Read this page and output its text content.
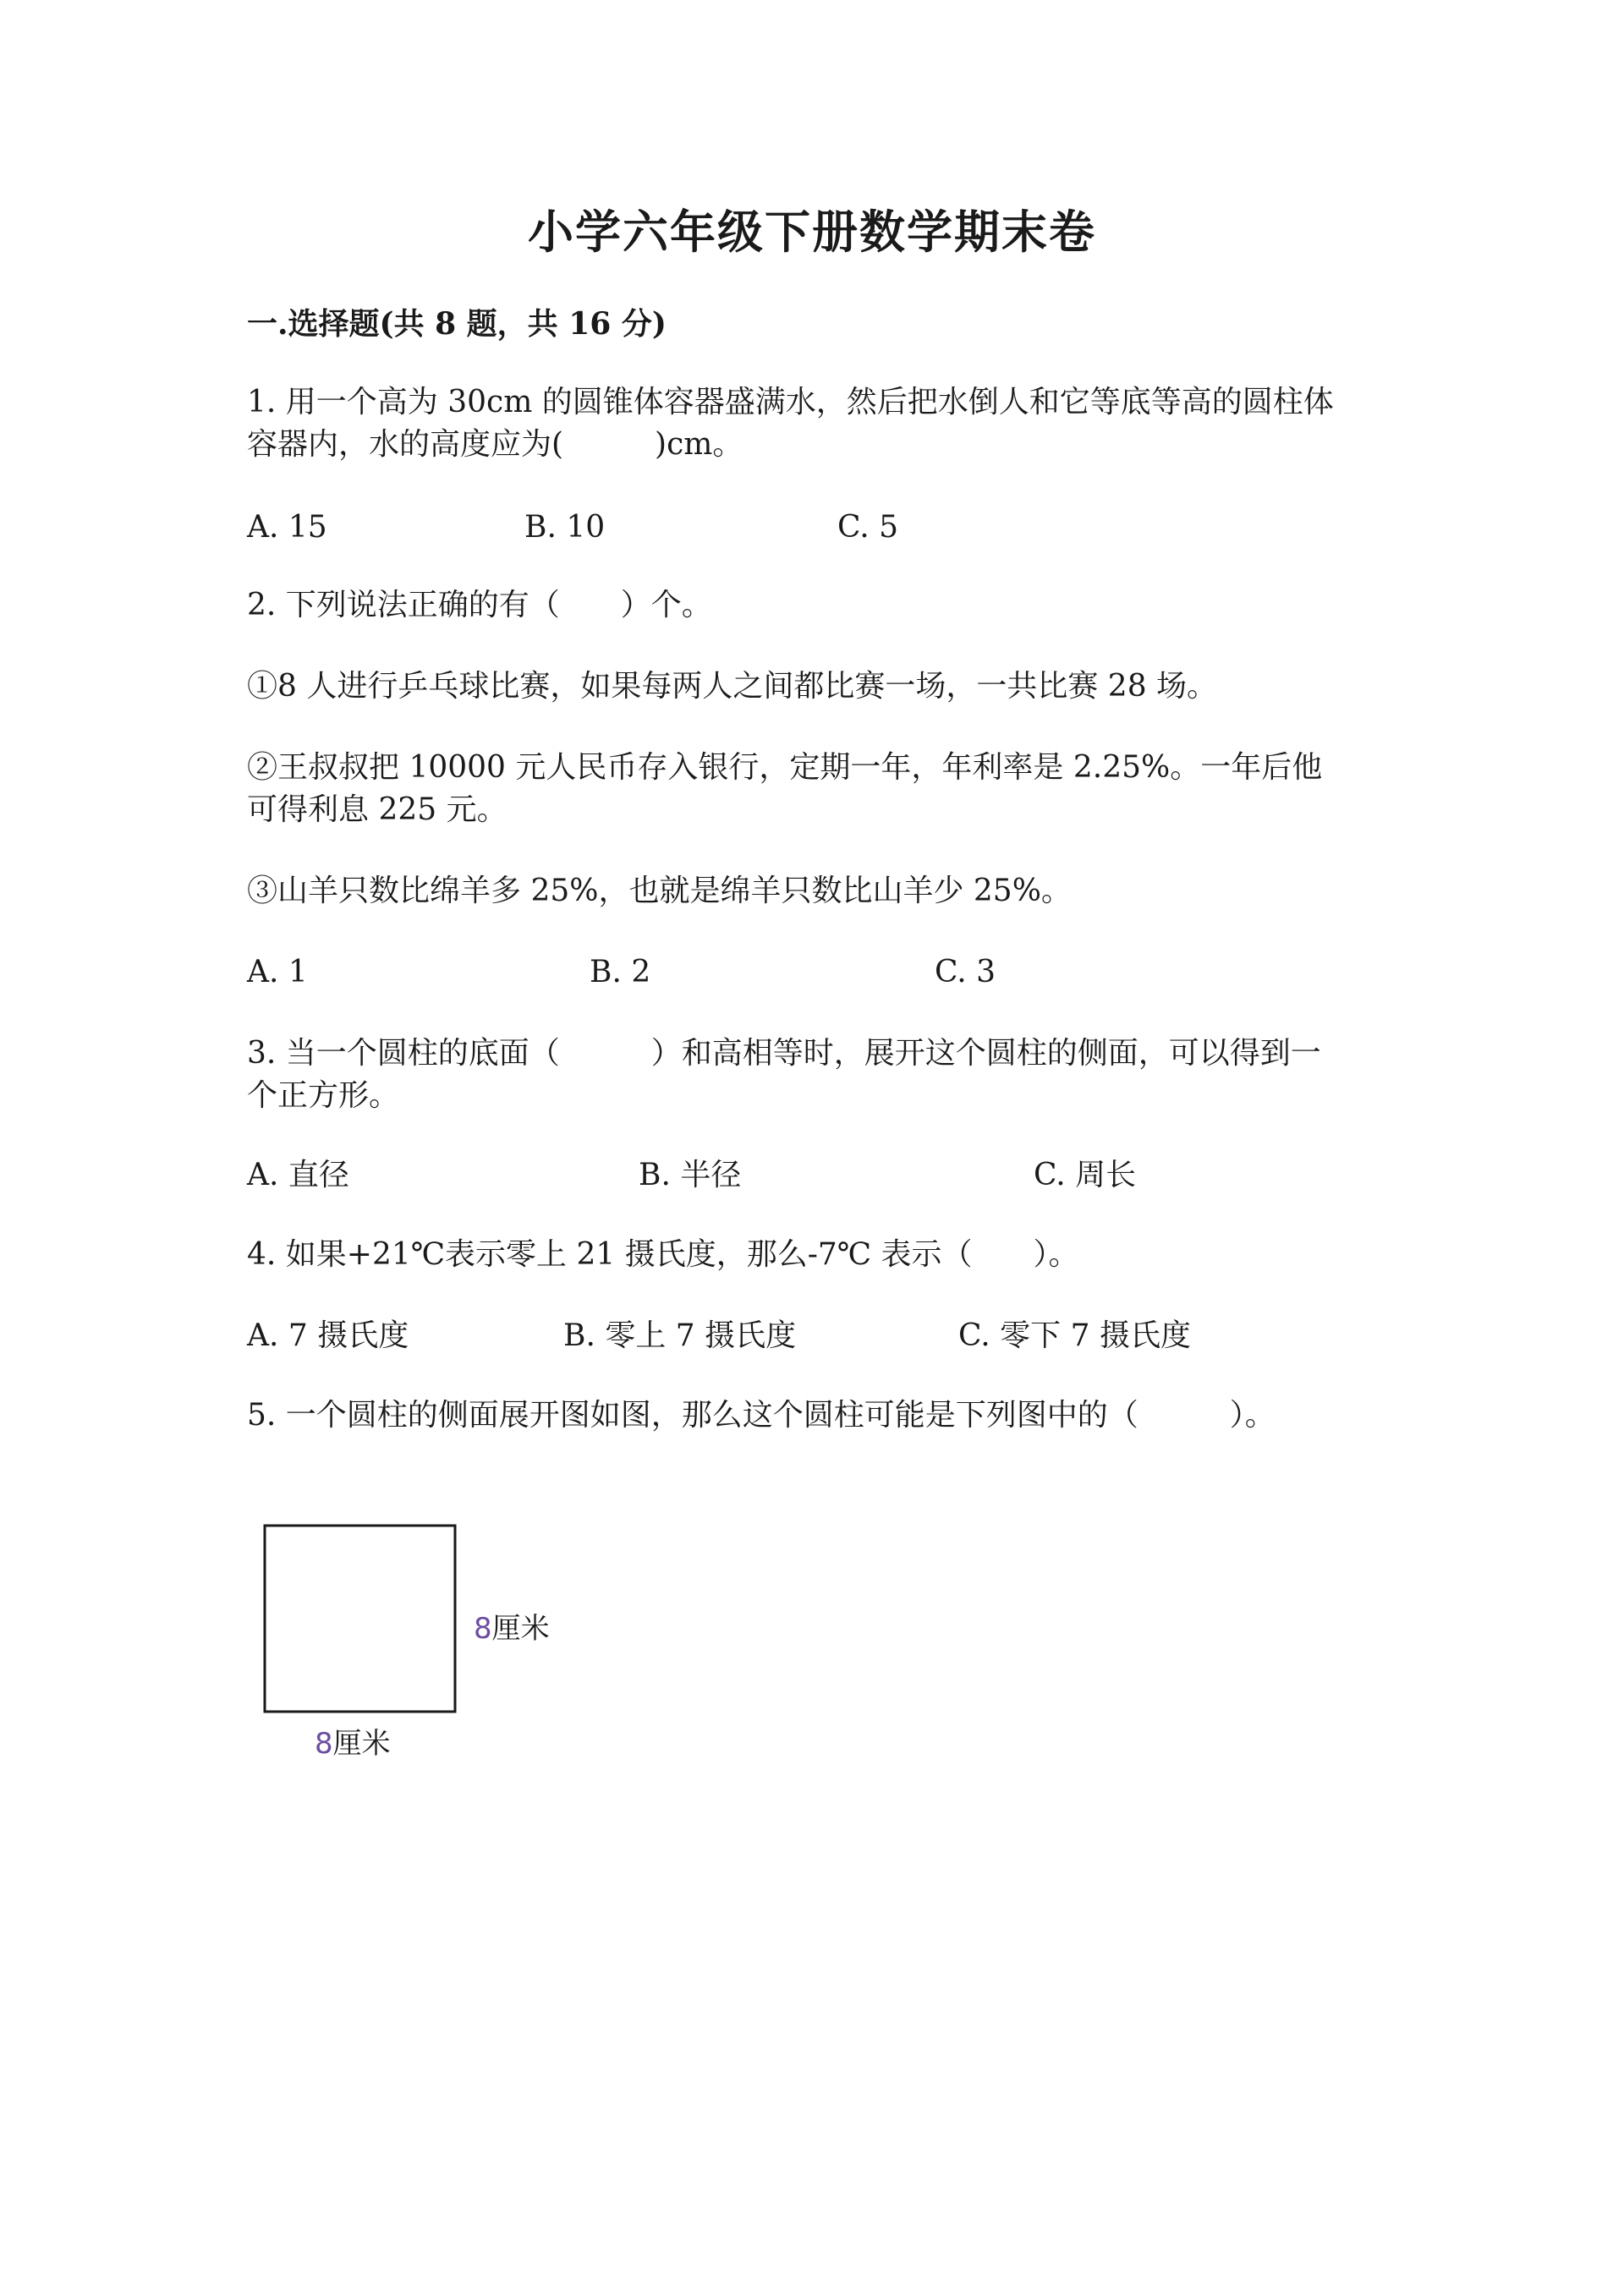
小学六年级下册数学期末卷
一.选择题(共 8 题，共 16 分)
1. 用一个高为 30cm 的圆锥体容器盛满水，然后把水倒人和它等底等高的圆柱体
容器内，水的高度应为(　　　)cm。
A. 15	B. 10	C. 5
2. 下列说法正确的有（　　）个。
①8 人进行乒乓球比赛，如果每两人之间都比赛一场，一共比赛 28 场。
②王叔叔把 10000 元人民币存入银行，定期一年，年利率是 2.25%。一年后他
可得利息 225 元。
③山羊只数比绵羊多 25%，也就是绵羊只数比山羊少 25%。
A. 1	B. 2	C. 3
3. 当一个圆柱的底面（　　　）和高相等时，展开这个圆柱的侧面，可以得到一
个正方形。
A. 直径	B. 半径	C. 周长
4. 如果+21℃表示零上 21 摄氏度，那么-7℃ 表示（　　）。
A. 7 摄氏度	B. 零上 7 摄氏度	C. 零下 7 摄氏度
5. 一个圆柱的侧面展开图如图，那么这个圆柱可能是下列图中的（　　　）。
8厘米
8厘米
